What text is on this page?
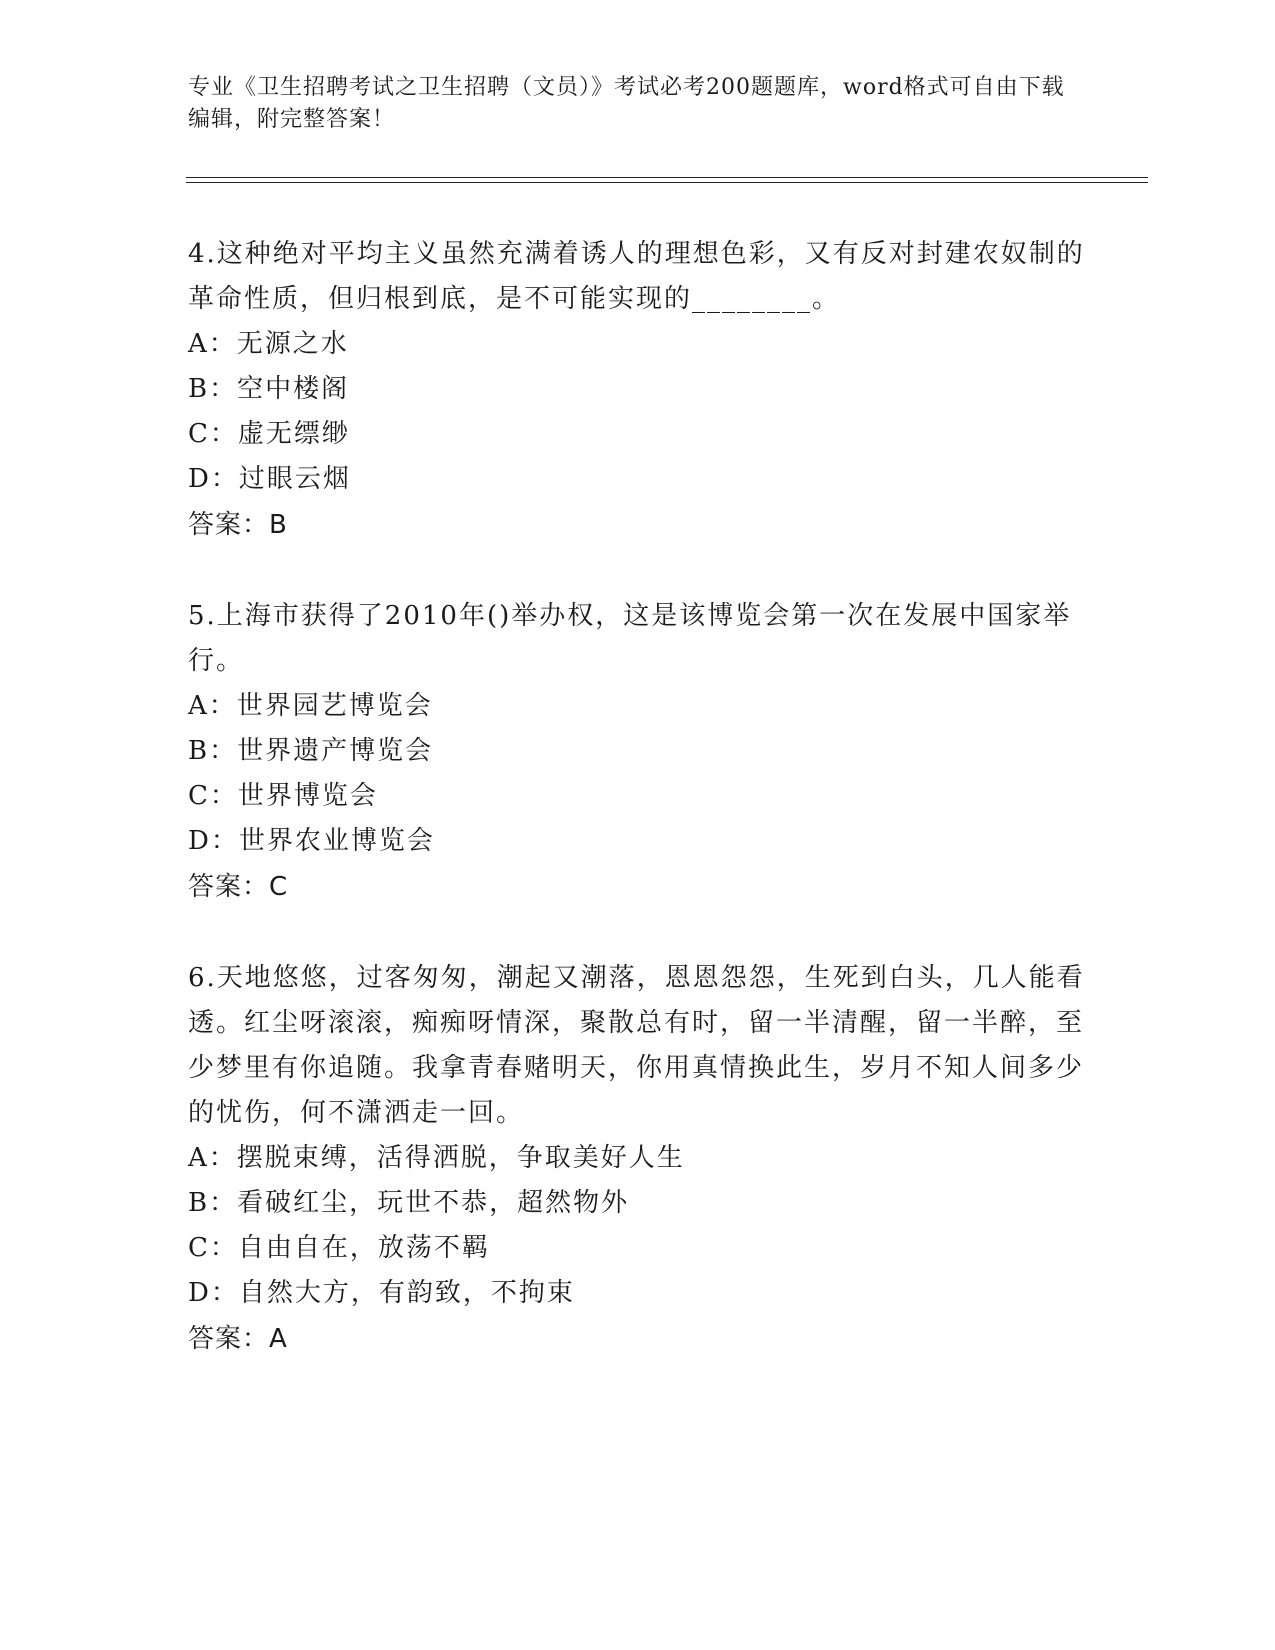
专业《卫生招聘考试之卫生招聘（文员）》考试必考200题题库，word格式可自由下载编辑，附完整答案！

4.这种绝对平均主义虽然充满着诱人的理想色彩，又有反对封建农奴制的革命性质，但归根到底，是不可能实现的________。

A： 无源之水

B： 空中楼阁

C： 虚无缥缈

D： 过眼云烟

答案：B

5.上海市获得了2010年()举办权，这是该博览会第一次在发展中国家举行。

A： 世界园艺博览会

B： 世界遗产博览会

C： 世界博览会

D： 世界农业博览会

答案：C

6.天地悠悠，过客匆匆，潮起又潮落，恩恩怨怨，生死到白头，几人能看透。红尘呀滚滚，痴痴呀情深，聚散总有时，留一半清醒，留一半醉，至少梦里有你追随。我拿青春赌明天，你用真情换此生，岁月不知人间多少的忧伤，何不潇洒走一回。

A： 摆脱束缚，活得洒脱，争取美好人生

B： 看破红尘，玩世不恭，超然物外

C： 自由自在，放荡不羁

D： 自然大方，有韵致，不拘束

答案：A
